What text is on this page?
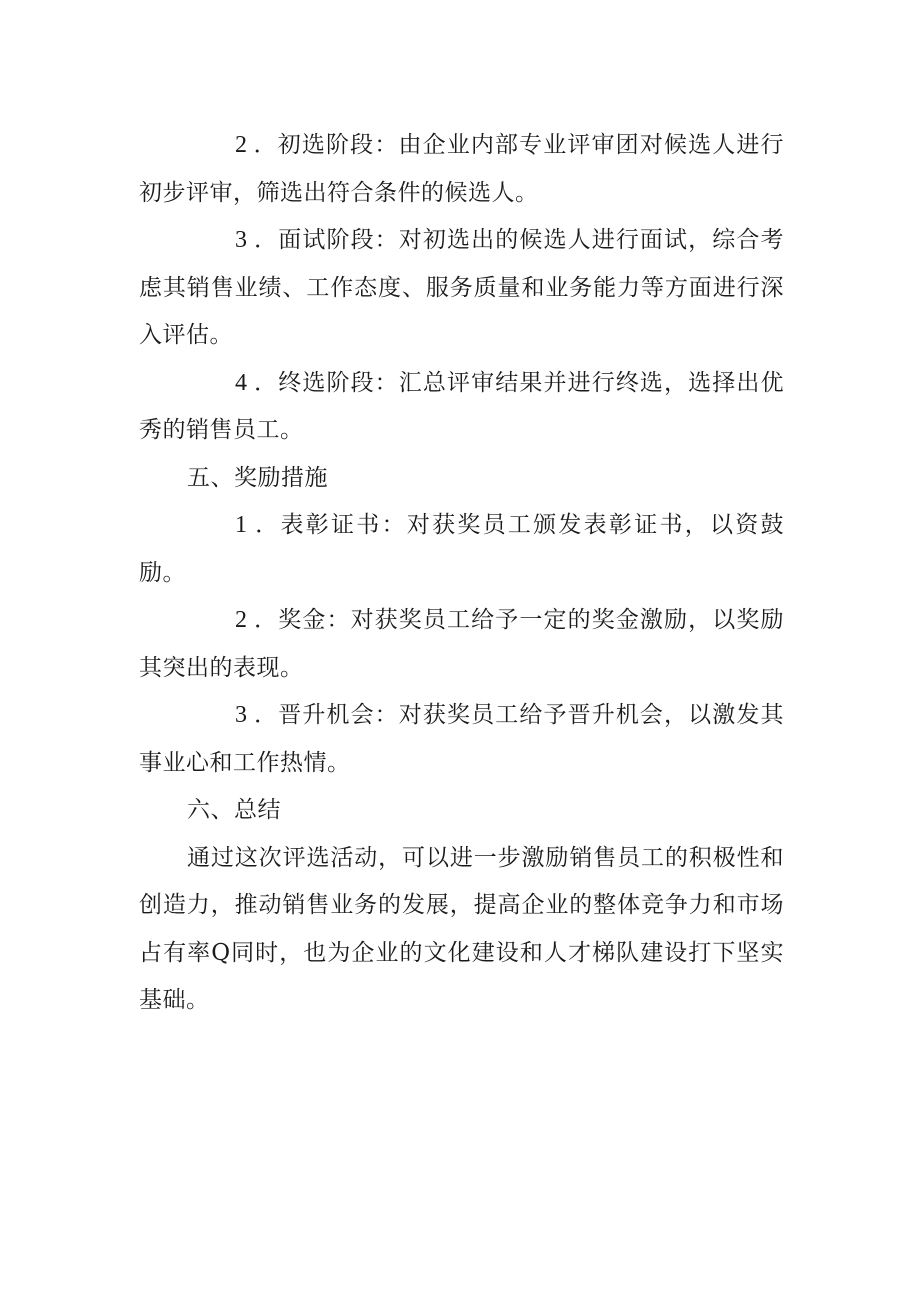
2 ．初选阶段：由企业内部专业评审团对候选人进行初步评审，筛选出符合条件的候选人。

3 ．面试阶段：对初选出的候选人进行面试，综合考虑其销售业绩、工作态度、服务质量和业务能力等方面进行深入评估。

4 ．终选阶段：汇总评审结果并进行终选，选择出优秀的销售员工。

五、奖励措施

1 ．表彰证书：对获奖员工颁发表彰证书，以资鼓励。

2 ．奖金：对获奖员工给予一定的奖金激励，以奖励其突出的表现。

3 ．晋升机会：对获奖员工给予晋升机会，以激发其事业心和工作热情。

六、总结

通过这次评选活动，可以进一步激励销售员工的积极性和创造力，推动销售业务的发展，提高企业的整体竞争力和市场占有率Q同时，也为企业的文化建设和人才梯队建设打下坚实基础。
